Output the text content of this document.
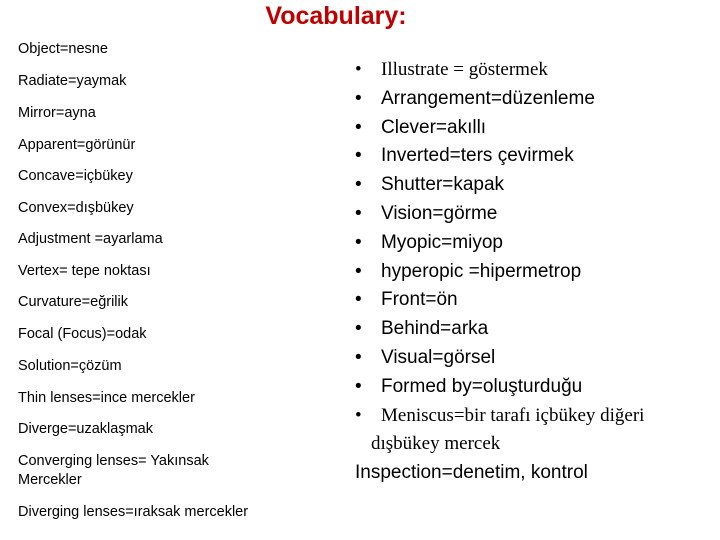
Vocabulary:
Object=nesne
Radiate=yaymak
Mirror=ayna
Apparent=görünür
Concave=içbükey
Convex=dışbükey
Adjustment =ayarlama
Vertex= tepe noktası
Curvature=eğrilik
Focal (Focus)=odak
Solution=çözüm
Thin lenses=ince mercekler
Diverge=uzaklaşmak
Converging lenses= Yakınsak
Mercekler
Diverging lenses=ıraksak mercekler
• Illustrate = göstermek
• Arrangement=düzenleme
• Clever=akıllı
• Inverted=ters çevirmek
• Shutter=kapak
• Vision=görme
• Myopic=miyop
• hyperopic =hipermetrop
• Front=ön
• Behind=arka
• Visual=görsel
• Formed by=oluşturduğu
• Meniscus=bir tarafı içbükey diğeri
dışbükey mercek
Inspection=denetim, kontrol
